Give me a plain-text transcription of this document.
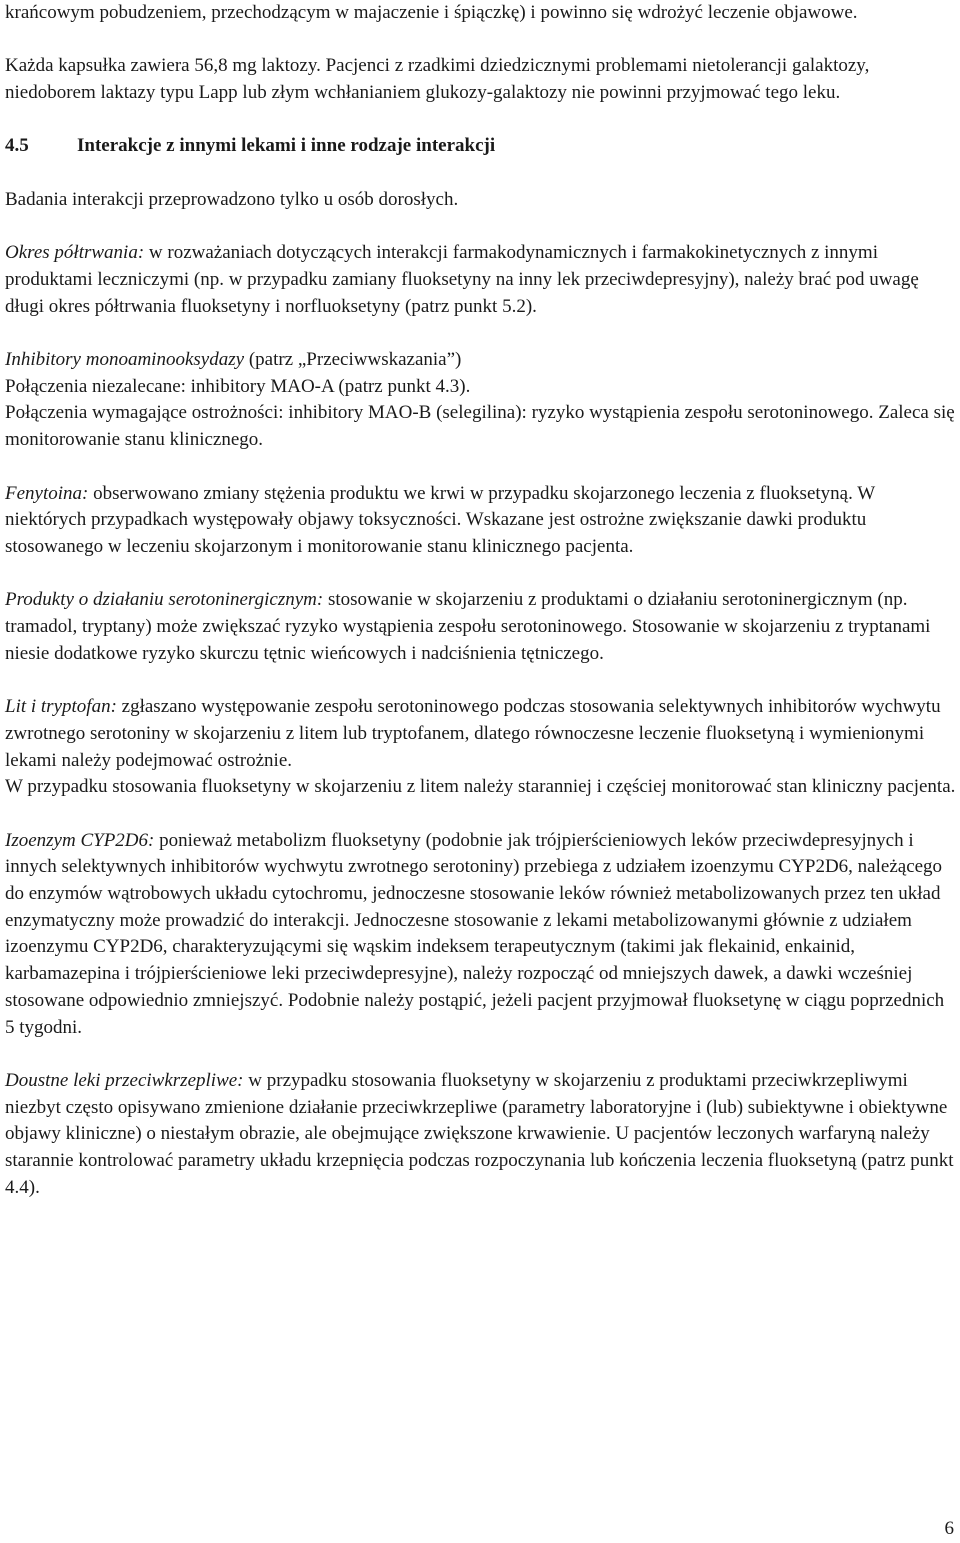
krańcowym pobudzeniem, przechodzącym w majaczenie i śpiączkę) i powinno się wdrożyć leczenie objawowe.

Każda kapsułka zawiera 56,8 mg laktozy. Pacjenci z rzadkimi dziedzicznymi problemami nietolerancji galaktozy, niedoborem laktazy typu Lapp lub złym wchłanianiem glukozy-galaktozy nie powinni przyjmować tego leku.

4.5	Interakcje z innymi lekami i inne rodzaje interakcji

Badania interakcji przeprowadzono tylko u osób dorosłych.

Okres półtrwania: w rozważaniach dotyczących interakcji farmakodynamicznych i farmakokinetycznych z innymi produktami leczniczymi (np. w przypadku zamiany fluoksetyny na inny lek przeciwdepresyjny), należy brać pod uwagę długi okres półtrwania fluoksetyny i norfluoksetyny (patrz punkt 5.2).

Inhibitory monoaminooksydazy (patrz „Przeciwwskazania”)

Połączenia niezalecane: inhibitory MAO-A (patrz punkt 4.3).

Połączenia wymagające ostrożności: inhibitory MAO-B (selegilina): ryzyko wystąpienia zespołu serotoninowego. Zaleca się monitorowanie stanu klinicznego.

Fenytoina: obserwowano zmiany stężenia produktu we krwi w przypadku skojarzonego leczenia z fluoksetyną. W niektórych przypadkach występowały objawy toksyczności. Wskazane jest ostrożne zwiększanie dawki produktu stosowanego w leczeniu skojarzonym i monitorowanie stanu klinicznego pacjenta.

Produkty o działaniu serotoninergicznym: stosowanie w skojarzeniu z produktami o działaniu serotoninergicznym (np. tramadol, tryptany) może zwiększać ryzyko wystąpienia zespołu serotoninowego. Stosowanie w skojarzeniu z tryptanami niesie dodatkowe ryzyko skurczu tętnic wieńcowych i nadciśnienia tętniczego.

Lit i tryptofan: zgłaszano występowanie zespołu serotoninowego podczas stosowania selektywnych inhibitorów wychwytu zwrotnego serotoniny w skojarzeniu z litem lub tryptofanem, dlatego równoczesne leczenie fluoksetyną i wymienionymi lekami należy podejmować ostrożnie.

W przypadku stosowania fluoksetyny w skojarzeniu z litem należy staranniej i częściej monitorować stan kliniczny pacjenta.

Izoenzym CYP2D6: ponieważ metabolizm fluoksetyny (podobnie jak trójpierścieniowych leków przeciwdepresyjnych i innych selektywnych inhibitorów wychwytu zwrotnego serotoniny) przebiega z udziałem izoenzymu CYP2D6, należącego do enzymów wątrobowych układu cytochromu, jednoczesne stosowanie leków również metabolizowanych przez ten układ enzymatyczny może prowadzić do interakcji. Jednoczesne stosowanie z lekami metabolizowanymi głównie z udziałem izoenzymu CYP2D6, charakteryzującymi się wąskim indeksem terapeutycznym (takimi jak flekainid, enkainid, karbamazepina i trójpierścieniowe leki przeciwdepresyjne), należy rozpocząć od mniejszych dawek, a dawki wcześniej stosowane odpowiednio zmniejszyć. Podobnie należy postąpić, jeżeli pacjent przyjmował fluoksetynę w ciągu poprzednich 5 tygodni.

Doustne leki przeciwkrzepliwe: w przypadku stosowania fluoksetyny w skojarzeniu z produktami przeciwkrzepliwymi niezbyt często opisywano zmienione działanie przeciwkrzepliwe (parametry laboratoryjne i (lub) subiektywne i obiektywne objawy kliniczne) o niestałym obrazie, ale obejmujące zwiększone krwawienie. U pacjentów leczonych warfaryną należy starannie kontrolować parametry układu krzepnięcia podczas rozpoczynania lub kończenia leczenia fluoksetyną (patrz punkt 4.4).

6
